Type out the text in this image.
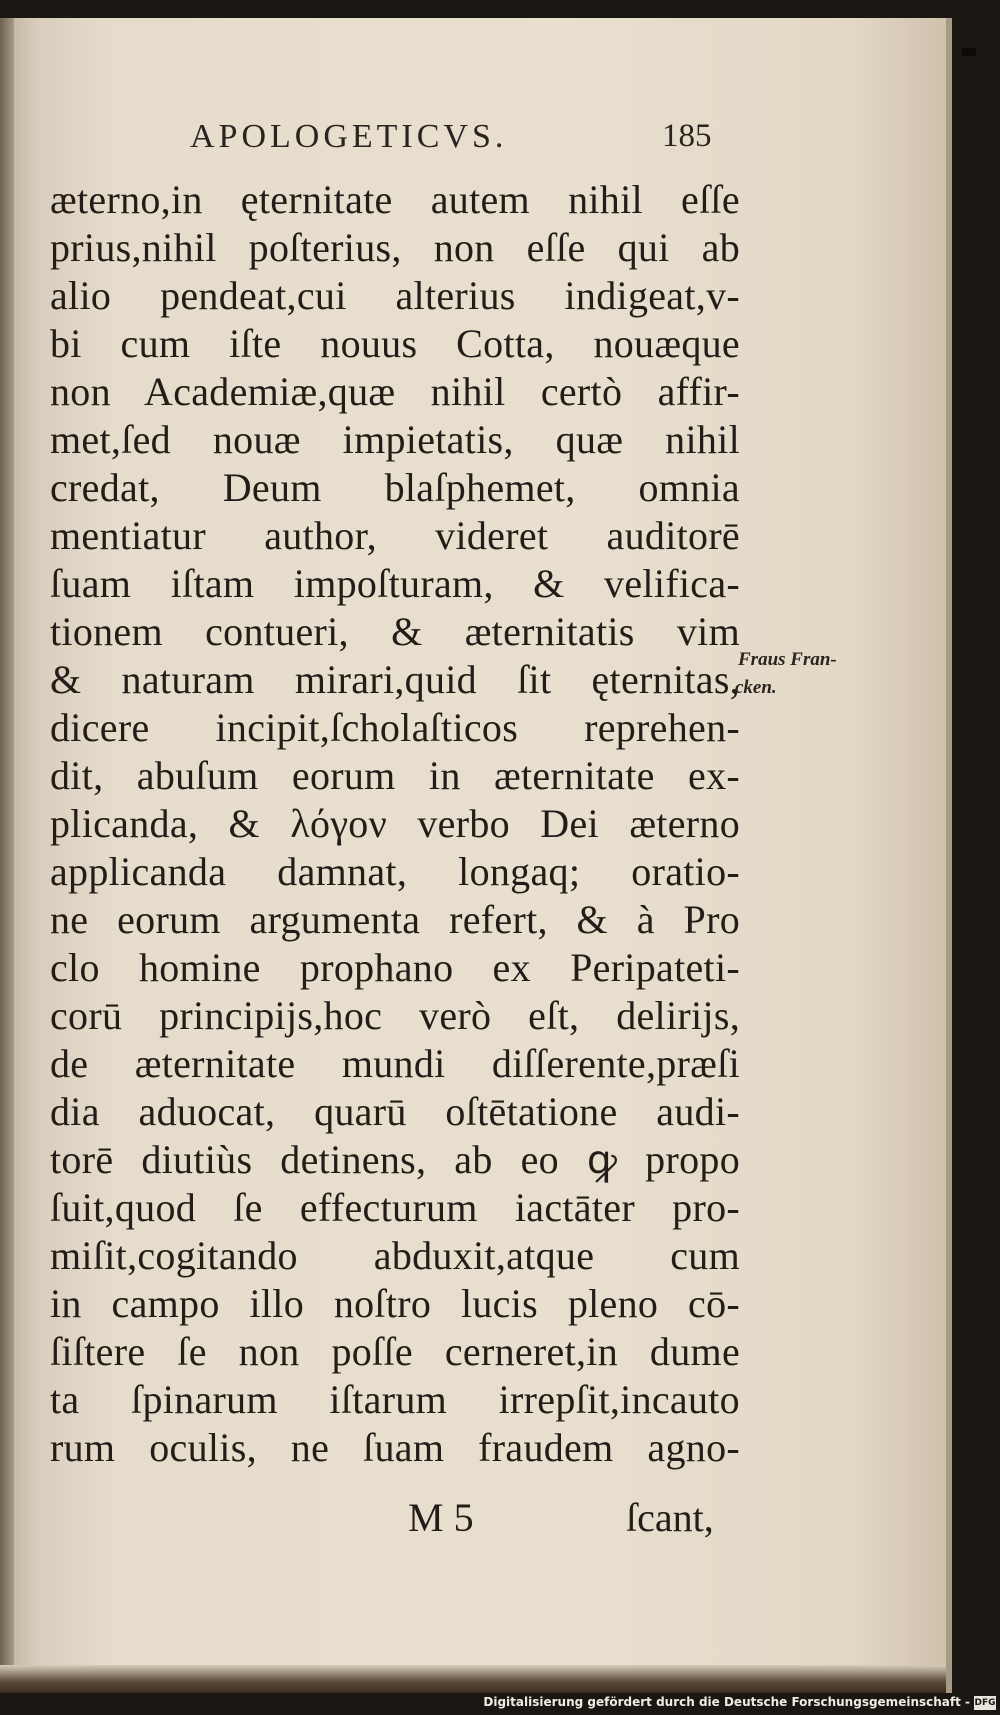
APOLOGETICVS.	185
æterno,in ęternitate autem nihil eſſe
prius,nihil poſterius, non eſſe qui ab
alio pendeat,cui alterius indigeat,v-
bi cum iſte nouus Cotta, nouæque
non Academiæ,quæ nihil certò affir-
met,ſed nouæ impietatis, quæ nihil
credat, Deum blaſphemet, omnia
mentiatur author, videret auditorē
ſuam iſtam impoſturam, & velifica-
tionem contueri, & æternitatis vim
& naturam mirari,quid ſit ęternitas,
dicere incipit,ſcholaſticos reprehen-
dit, abuſum eorum in æternitate ex-
plicanda, & λόγον verbo Dei æterno
applicanda damnat, longaq; oratio-
ne eorum argumenta refert, & à Pro
clo homine prophano ex Peripateti-
corū principijs,hoc verò eſt, delirijs,
de æternitate mundi diſſerente,præſi
dia aduocat, quarū oſtētatione audi-
torē diutiùs detinens, ab eo ꝙ propo
ſuit,quod ſe effecturum iactāter pro-
miſit,cogitando abduxit,atque cum
in campo illo noſtro lucis pleno cō-
ſiſtere ſe non poſſe cerneret,in dume
ta ſpinarum iſtarum irrepſit,incauto
rum oculis, ne ſuam fraudem agno-
Fraus Fran-
cken.
M 5	ſcant,
Digitalisierung gefördert durch die Deutsche Forschungsgemeinschaft - DFG
